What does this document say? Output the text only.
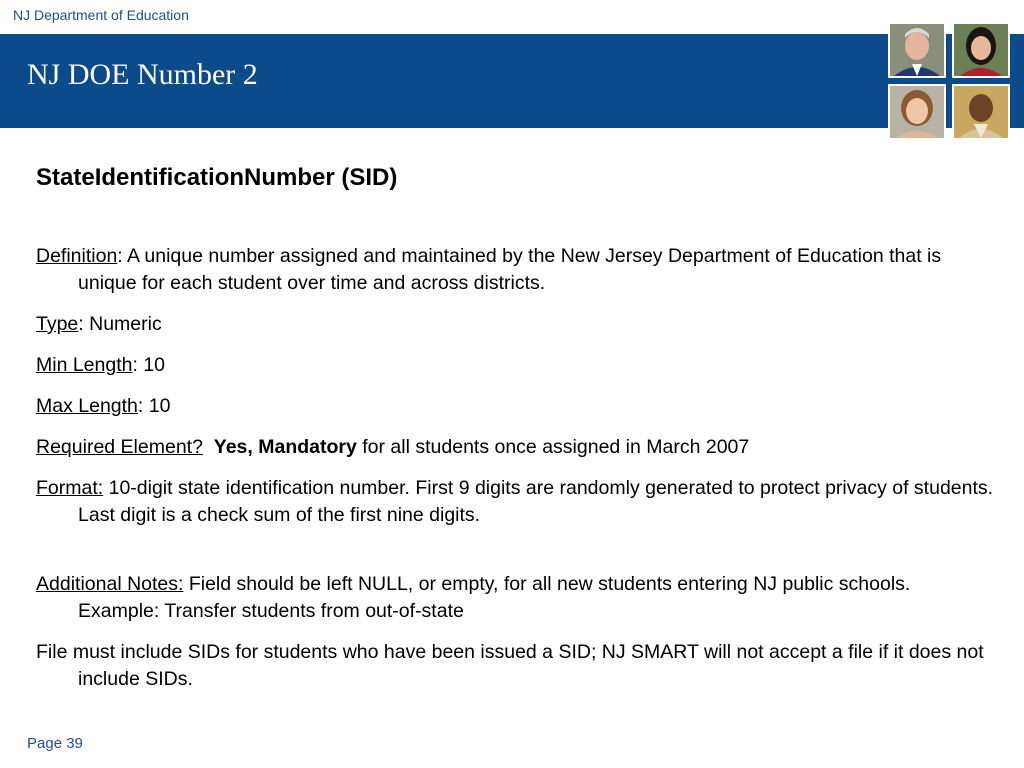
NJ Department of Education
NJ DOE Number 2
StateIdentificationNumber (SID)

Definition: A unique number assigned and maintained by the New Jersey Department of Education that is unique for each student over time and across districts.

Type: Numeric

Min Length: 10

Max Length: 10

Required Element? Yes, Mandatory for all students once assigned in March 2007

Format: 10-digit state identification number. First 9 digits are randomly generated to protect privacy of students. Last digit is a check sum of the first nine digits.

Additional Notes: Field should be left NULL, or empty, for all new students entering NJ public schools. Example: Transfer students from out-of-state

File must include SIDs for students who have been issued a SID; NJ SMART will not accept a file if it does not include SIDs.

Page 39
